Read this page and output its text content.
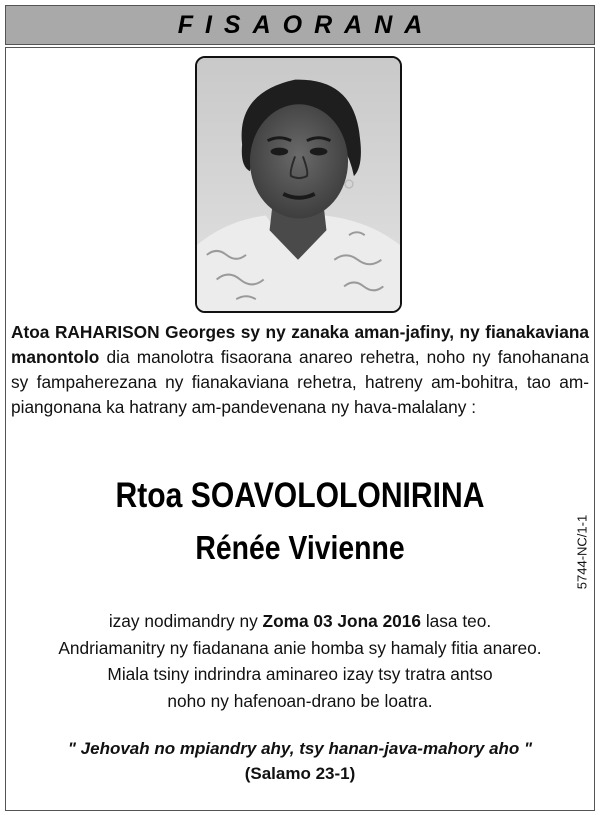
FISAORANA

Atoa RAHARISON Georges sy ny zanaka aman-jafiny, ny fianakaviana manontolo dia manolotra fisaorana anareo rehetra, noho ny fanohanana sy fampaherezana ny fianakaviana rehetra, hatreny am-bohitra, tao am-piangonana ka hatrany am-pandevenana ny hava-malalany :

Rtoa SOAVOLOLONIRINA
Rénée Vivienne	5744-NC/1-1
izay nodimandry ny Zoma 03 Jona 2016 lasa teo.
Andriamanitry ny fiadanana anie homba sy hamaly fitia anareo.
Miala tsiny indrindra aminareo izay tsy tratra antso
noho ny hafenoan-drano be loatra.
" Jehovah no mpiandry ahy, tsy hanan-java-mahory aho "
(Salamo 23-1)
